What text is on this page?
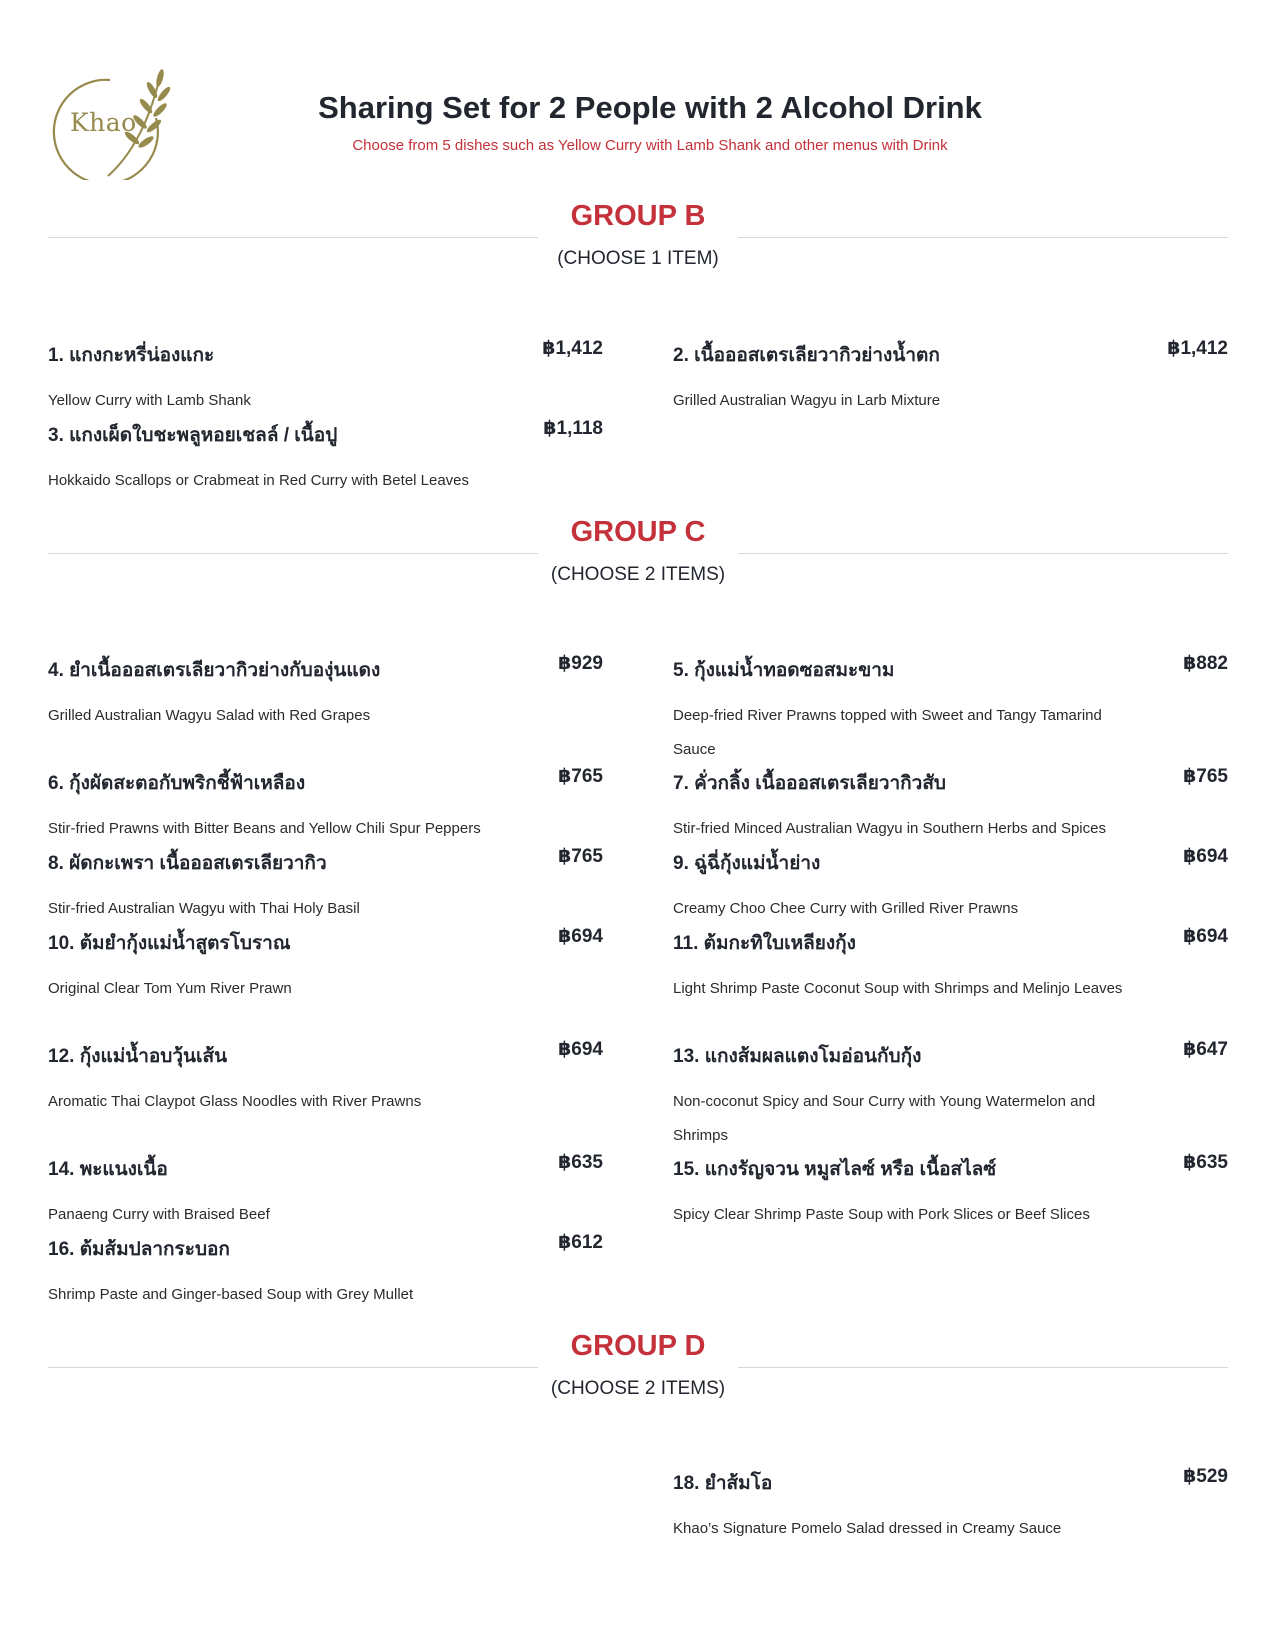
Khao	Sharing Set for 2 People with 2 Alcohol Drink

Choose from 5 dishes such as Yellow Curry with Lamb Shank and other menus with Drink

GROUP B
(CHOOSE 1 ITEM)
1. แกงกะหรี่น่องแกะ	฿1,412
Yellow Curry with Lamb Shank
2. เนื้อออสเตรเลียวากิวย่างน้ำตก	฿1,412
Grilled Australian Wagyu in Larb Mixture
3. แกงเผ็ดใบชะพลูหอยเชลล์ / เนื้อปู	฿1,118
Hokkaido Scallops or Crabmeat in Red Curry with Betel Leaves
GROUP C
(CHOOSE 2 ITEMS)
4. ยำเนื้อออสเตรเลียวากิวย่างกับองุ่นแดง	฿929
Grilled Australian Wagyu Salad with Red Grapes
5. กุ้งแม่น้ำทอดซอสมะขาม	฿882
Deep-fried River Prawns topped with Sweet and Tangy Tamarind Sauce
6. กุ้งผัดสะตอกับพริกชี้ฟ้าเหลือง	฿765
Stir-fried Prawns with Bitter Beans and Yellow Chili Spur Peppers
7. คั่วกลิ้ง เนื้อออสเตรเลียวากิวสับ	฿765
Stir-fried Minced Australian Wagyu in Southern Herbs and Spices
8. ผัดกะเพรา เนื้อออสเตรเลียวากิว	฿765
Stir-fried Australian Wagyu with Thai Holy Basil
9. ฉู่ฉี่กุ้งแม่น้ำย่าง	฿694
Creamy Choo Chee Curry with Grilled River Prawns
10. ต้มยำกุ้งแม่น้ำสูตรโบราณ	฿694
Original Clear Tom Yum River Prawn
11. ต้มกะทิใบเหลียงกุ้ง	฿694
Light Shrimp Paste Coconut Soup with Shrimps and Melinjo Leaves
12. กุ้งแม่น้ำอบวุ้นเส้น	฿694
Aromatic Thai Claypot Glass Noodles with River Prawns
13. แกงส้มผลแตงโมอ่อนกับกุ้ง	฿647
Non-coconut Spicy and Sour Curry with Young Watermelon and Shrimps
14. พะแนงเนื้อ	฿635
Panaeng Curry with Braised Beef
15. แกงรัญจวน หมูสไลซ์ หรือ เนื้อสไลซ์	฿635
Spicy Clear Shrimp Paste Soup with Pork Slices or Beef Slices
16. ต้มส้มปลากระบอก	฿612
Shrimp Paste and Ginger-based Soup with Grey Mullet
GROUP D
(CHOOSE 2 ITEMS)
18. ยำส้มโอ	฿529
Khao’s Signature Pomelo Salad dressed in Creamy Sauce
